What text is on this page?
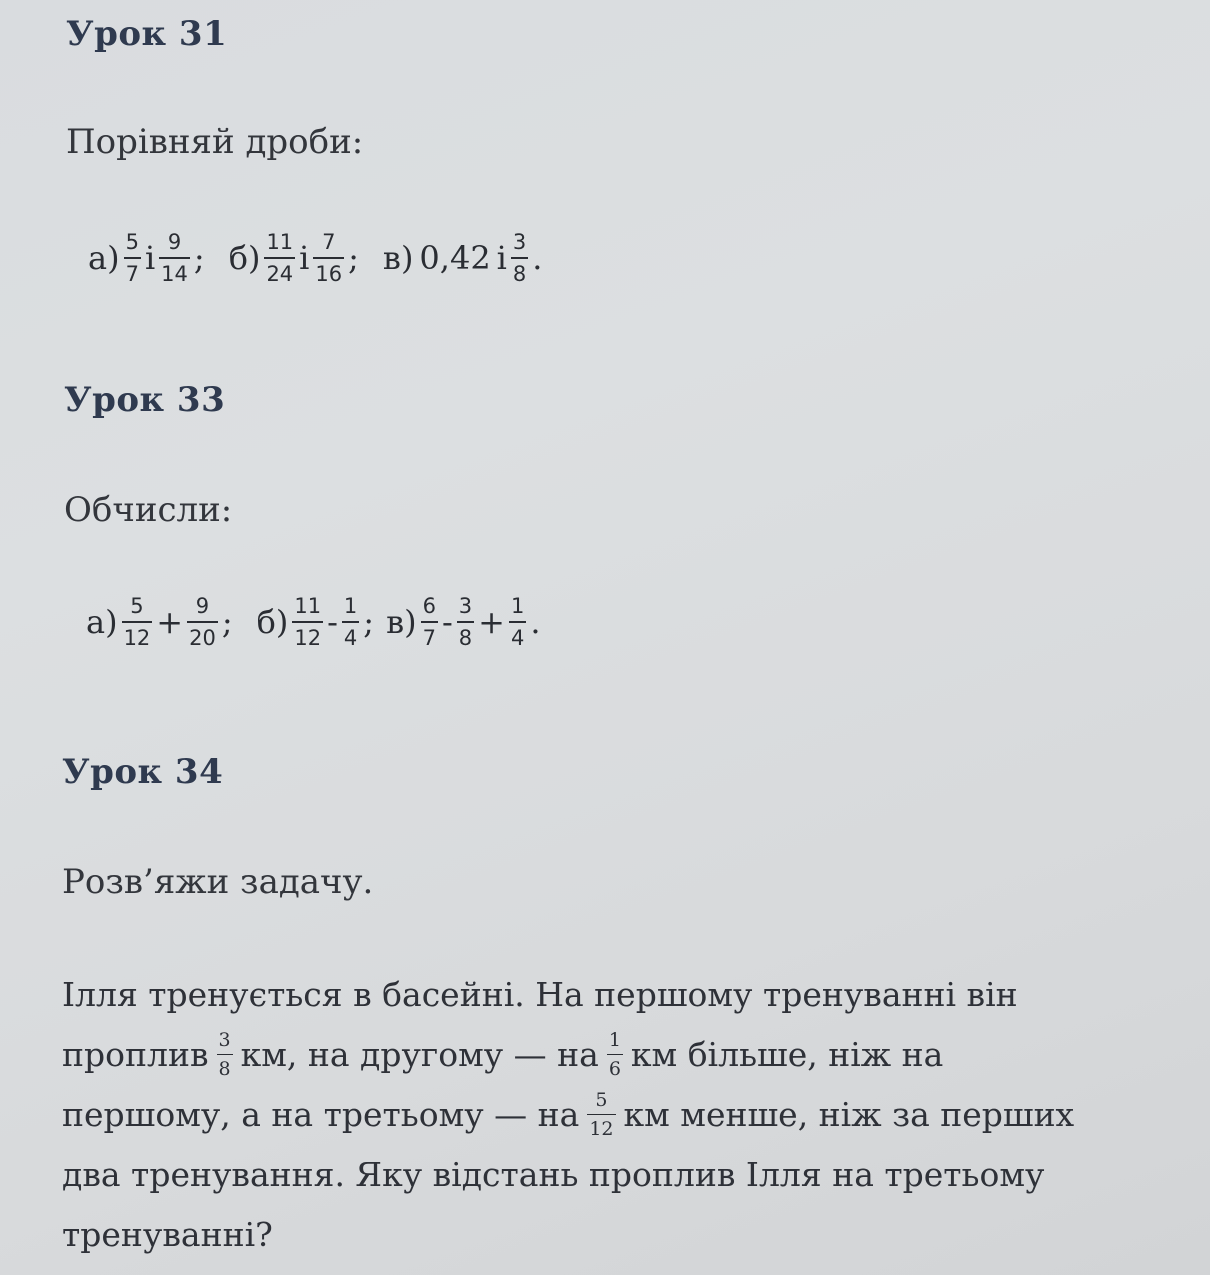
Урок 31
Порівняй дроби:
$а) \frac{5}{7}$ і $\frac{9}{14}$ ; $б) \frac{11}{24}$ і $\frac{7}{16}$ ; в) 0,42 і $\frac{3}{8}$ .
Урок 33
Обчисли:
$а) \frac{5}{12} + \frac{9}{20}$ ; $б) \frac{11}{12} - \frac{1}{4}$ ; $в) \frac{6}{7} - \frac{3}{8} + \frac{1}{4}$ .
Урок 34
Розв’яжи задачу.
Ілля тренується в басейні. На першому тренуванні він
проплив $\frac{3}{8}$ км, на другому — на $\frac{1}{6}$ км більше, ніж на
першому, а на третьому — на $\frac{5}{12}$ км менше, ніж за перших
два тренування. Яку відстань проплив Ілля на третьому
тренуванні?
